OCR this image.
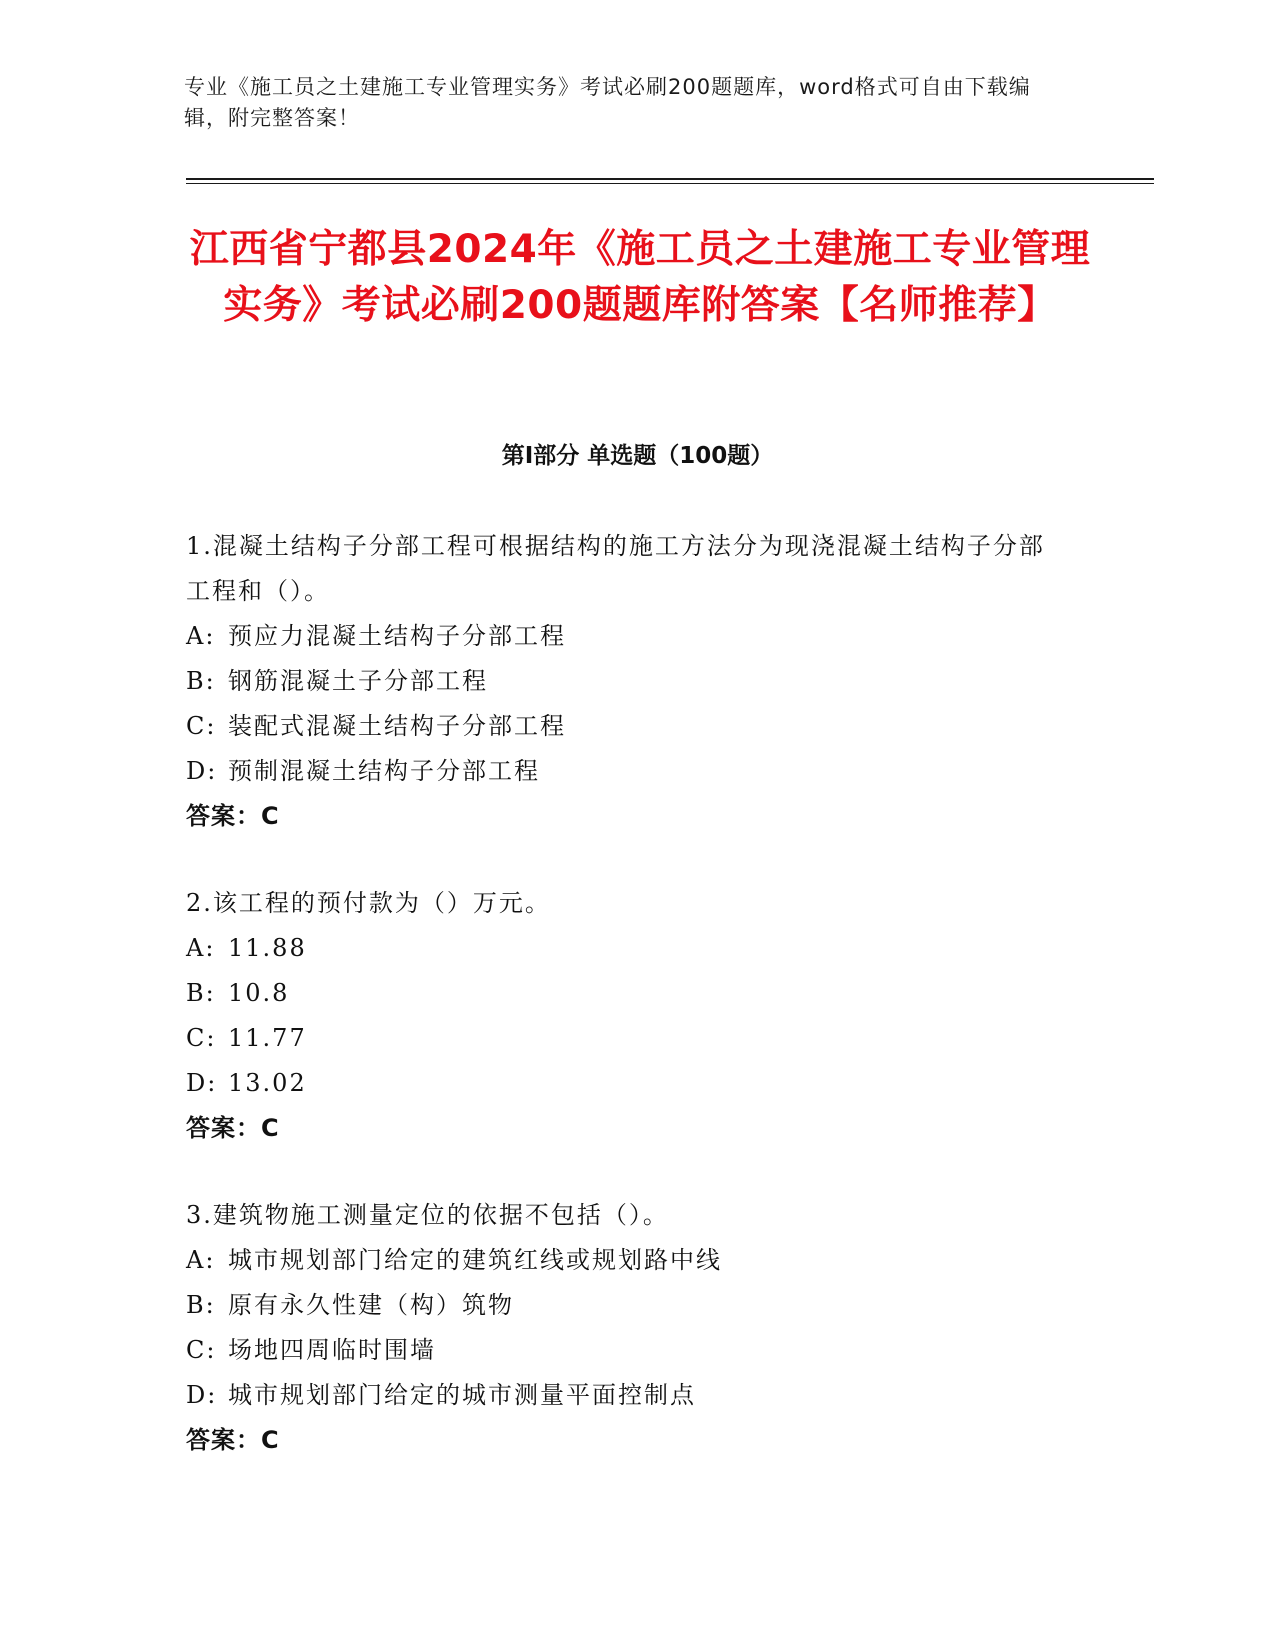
专业《施工员之土建施工专业管理实务》考试必刷200题题库，word格式可自由下载编辑，附完整答案！
江西省宁都县2024年《施工员之土建施工专业管理实务》考试必刷200题题库附答案【名师推荐】
第Ⅰ部分 单选题（100题）
1.混凝土结构子分部工程可根据结构的施工方法分为现浇混凝土结构子分部工程和（）。
A: 预应力混凝土结构子分部工程
B: 钢筋混凝土子分部工程
C: 装配式混凝土结构子分部工程
D: 预制混凝土结构子分部工程
答案：C
2.该工程的预付款为（）万元。
A: 11.88
B: 10.8
C: 11.77
D: 13.02
答案：C
3.建筑物施工测量定位的依据不包括（）。
A: 城市规划部门给定的建筑红线或规划路中线
B: 原有永久性建（构）筑物
C: 场地四周临时围墙
D: 城市规划部门给定的城市测量平面控制点
答案：C
